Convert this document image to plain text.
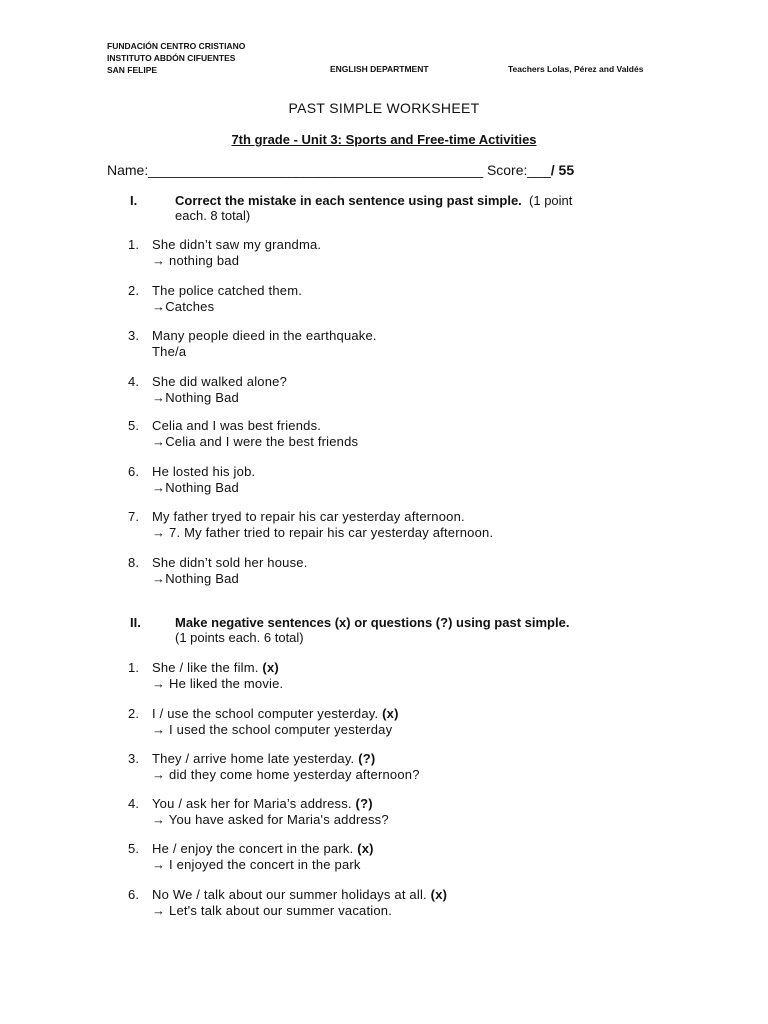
FUNDACIÓN CENTRO CRISTIANO
INSTITUTO ABDÓN CIFUENTES
SAN FELIPE	ENGLISH DEPARTMENT	Teachers Lolas, Pérez and Valdés
PAST SIMPLE WORKSHEET
7th grade - Unit 3: Sports and Free-time Activities
Name:___________________________________________ Score:___/ 55
I.	Correct the mistake in each sentence using past simple. (1 point
each. 8 total)
1. She didn’t saw my grandma.
→ nothing bad
2. The police catched them.
→Catches
3. Many people dieed in the earthquake.
The/a
4. She did walked alone?
→Nothing Bad
5. Celia and I was best friends.
→Celia and I were the best friends
6. He losted his job.
→Nothing Bad
7. My father tryed to repair his car yesterday afternoon.
→ 7. My father tried to repair his car yesterday afternoon.
8. She didn’t sold her house.
→Nothing Bad
II.	Make negative sentences (x) or questions (?) using past simple.
(1 points each. 6 total)
1. She / like the film. (x)
→ He liked the movie.
2. I / use the school computer yesterday. (x)
→ I used the school computer yesterday
3. They / arrive home late yesterday. (?)
→ did they come home yesterday afternoon?
4. You / ask her for Maria’s address. (?)
→ You have asked for Maria's address?
5. He / enjoy the concert in the park. (x)
→ I enjoyed the concert in the park
6. No We / talk about our summer holidays at all. (x)
→ Let's talk about our summer vacation.
